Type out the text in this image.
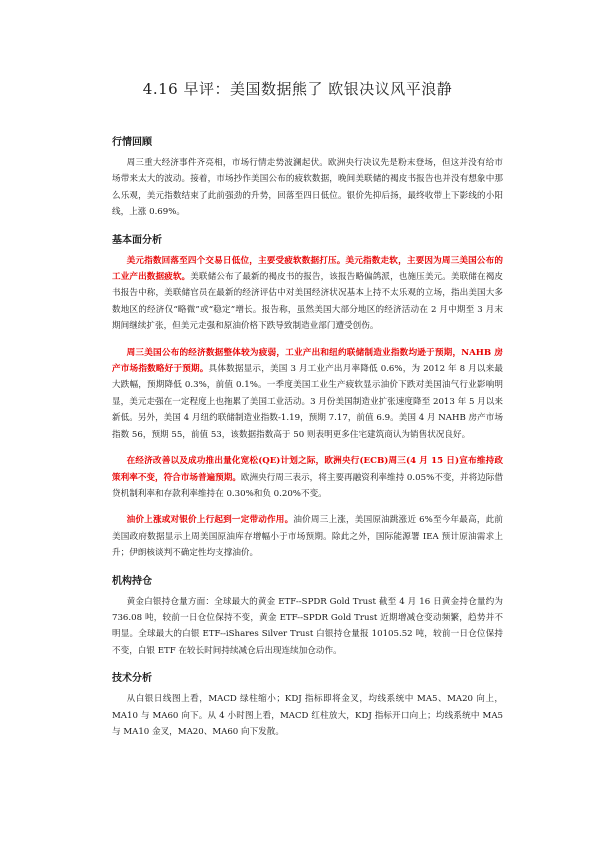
4.16 早评：美国数据熊了 欧银决议风平浪静
行情回顾

周三重大经济事件齐亮相，市场行情走势波澜起伏。欧洲央行决议先是粉末登场，但这并没有给市场带来太大的波动。接着，市场抄作美国公布的疲软数据，晚间美联储的褐皮书报告也并没有想象中那么乐观，美元指数结束了此前强劲的升势，回落至四日低位。银价先抑后扬，最终收带上下影线的小阳线，上涨 0.69%。

基本面分析

美元指数回落至四个交易日低位，主要受疲软数据打压。美元指数走软，主要因为周三美国公布的工业产出数据疲软。美联储公布了最新的褐皮书的报告，该报告略偏鸽派，也施压美元。美联储在褐皮书报告中称，美联储官员在最新的经济评估中对美国经济状况基本上持不太乐观的立场，指出美国大多数地区的经济仅“略微”或“稳定”增长。报告称，虽然美国大部分地区的经济活动在 2 月中期至 3 月末期间继续扩张，但美元走强和原油价格下跌导致制造业部门遭受创伤。

周三美国公布的经济数据整体较为疲弱，工业产出和纽约联储制造业指数均逊于预期，NAHB 房产市场指数略好于预期。具体数据显示，美国 3 月工业产出月率降低 0.6%，为 2012 年 8 月以来最大跌幅，预期降低 0.3%，前值 0.1%。一季度美国工业生产疲软显示油价下跌对美国油气行业影响明显，美元走强在一定程度上也拖累了美国工业活动。3 月份美国制造业扩张速度降至 2013 年 5 月以来新低。另外，美国 4 月纽约联储制造业指数-1.19，预期 7.17，前值 6.9。美国 4 月 NAHB 房产市场指数 56，预期 55，前值 53，该数据指数高于 50 则表明更多住宅建筑商认为销售状况良好。

在经济改善以及成功推出量化宽松(QE)计划之际，欧洲央行(ECB)周三(4 月 15 日)宣布维持政策利率不变，符合市场普遍预期。欧洲央行周三表示，将主要再融资利率维持 0.05%不变，并将边际借贷机制利率和存款利率维持在 0.30%和负 0.20%不变。

油价上涨或对银价上行起到一定带动作用。油价周三上涨，美国原油跳涨近 6%至今年最高，此前美国政府数据显示上周美国原油库存增幅小于市场预期。除此之外，国际能源署 IEA 预计原油需求上升；伊朗核谈判不确定性均支撑油价。

机构持仓

黄金白银持仓量方面：全球最大的黄金 ETF--SPDR Gold Trust 截至 4 月 16 日黄金持仓量约为 736.08 吨，较前一日仓位保持不变，黄金 ETF--SPDR Gold Trust 近期增减仓变动频繁，趋势并不明显。全球最大的白银 ETF--iShares Silver Trust 白银持仓量报 10105.52 吨，较前一日仓位保持不变，白银 ETF 在较长时间持续减仓后出现连续加仓动作。

技术分析

从白银日线图上看，MACD 绿柱缩小；KDJ 指标即将金叉，均线系统中 MA5、MA20 向上，MA10 与 MA60 向下。从 4 小时图上看，MACD 红柱放大，KDJ 指标开口向上；均线系统中 MA5 与 MA10 金叉，MA20、MA60 向下发散。
